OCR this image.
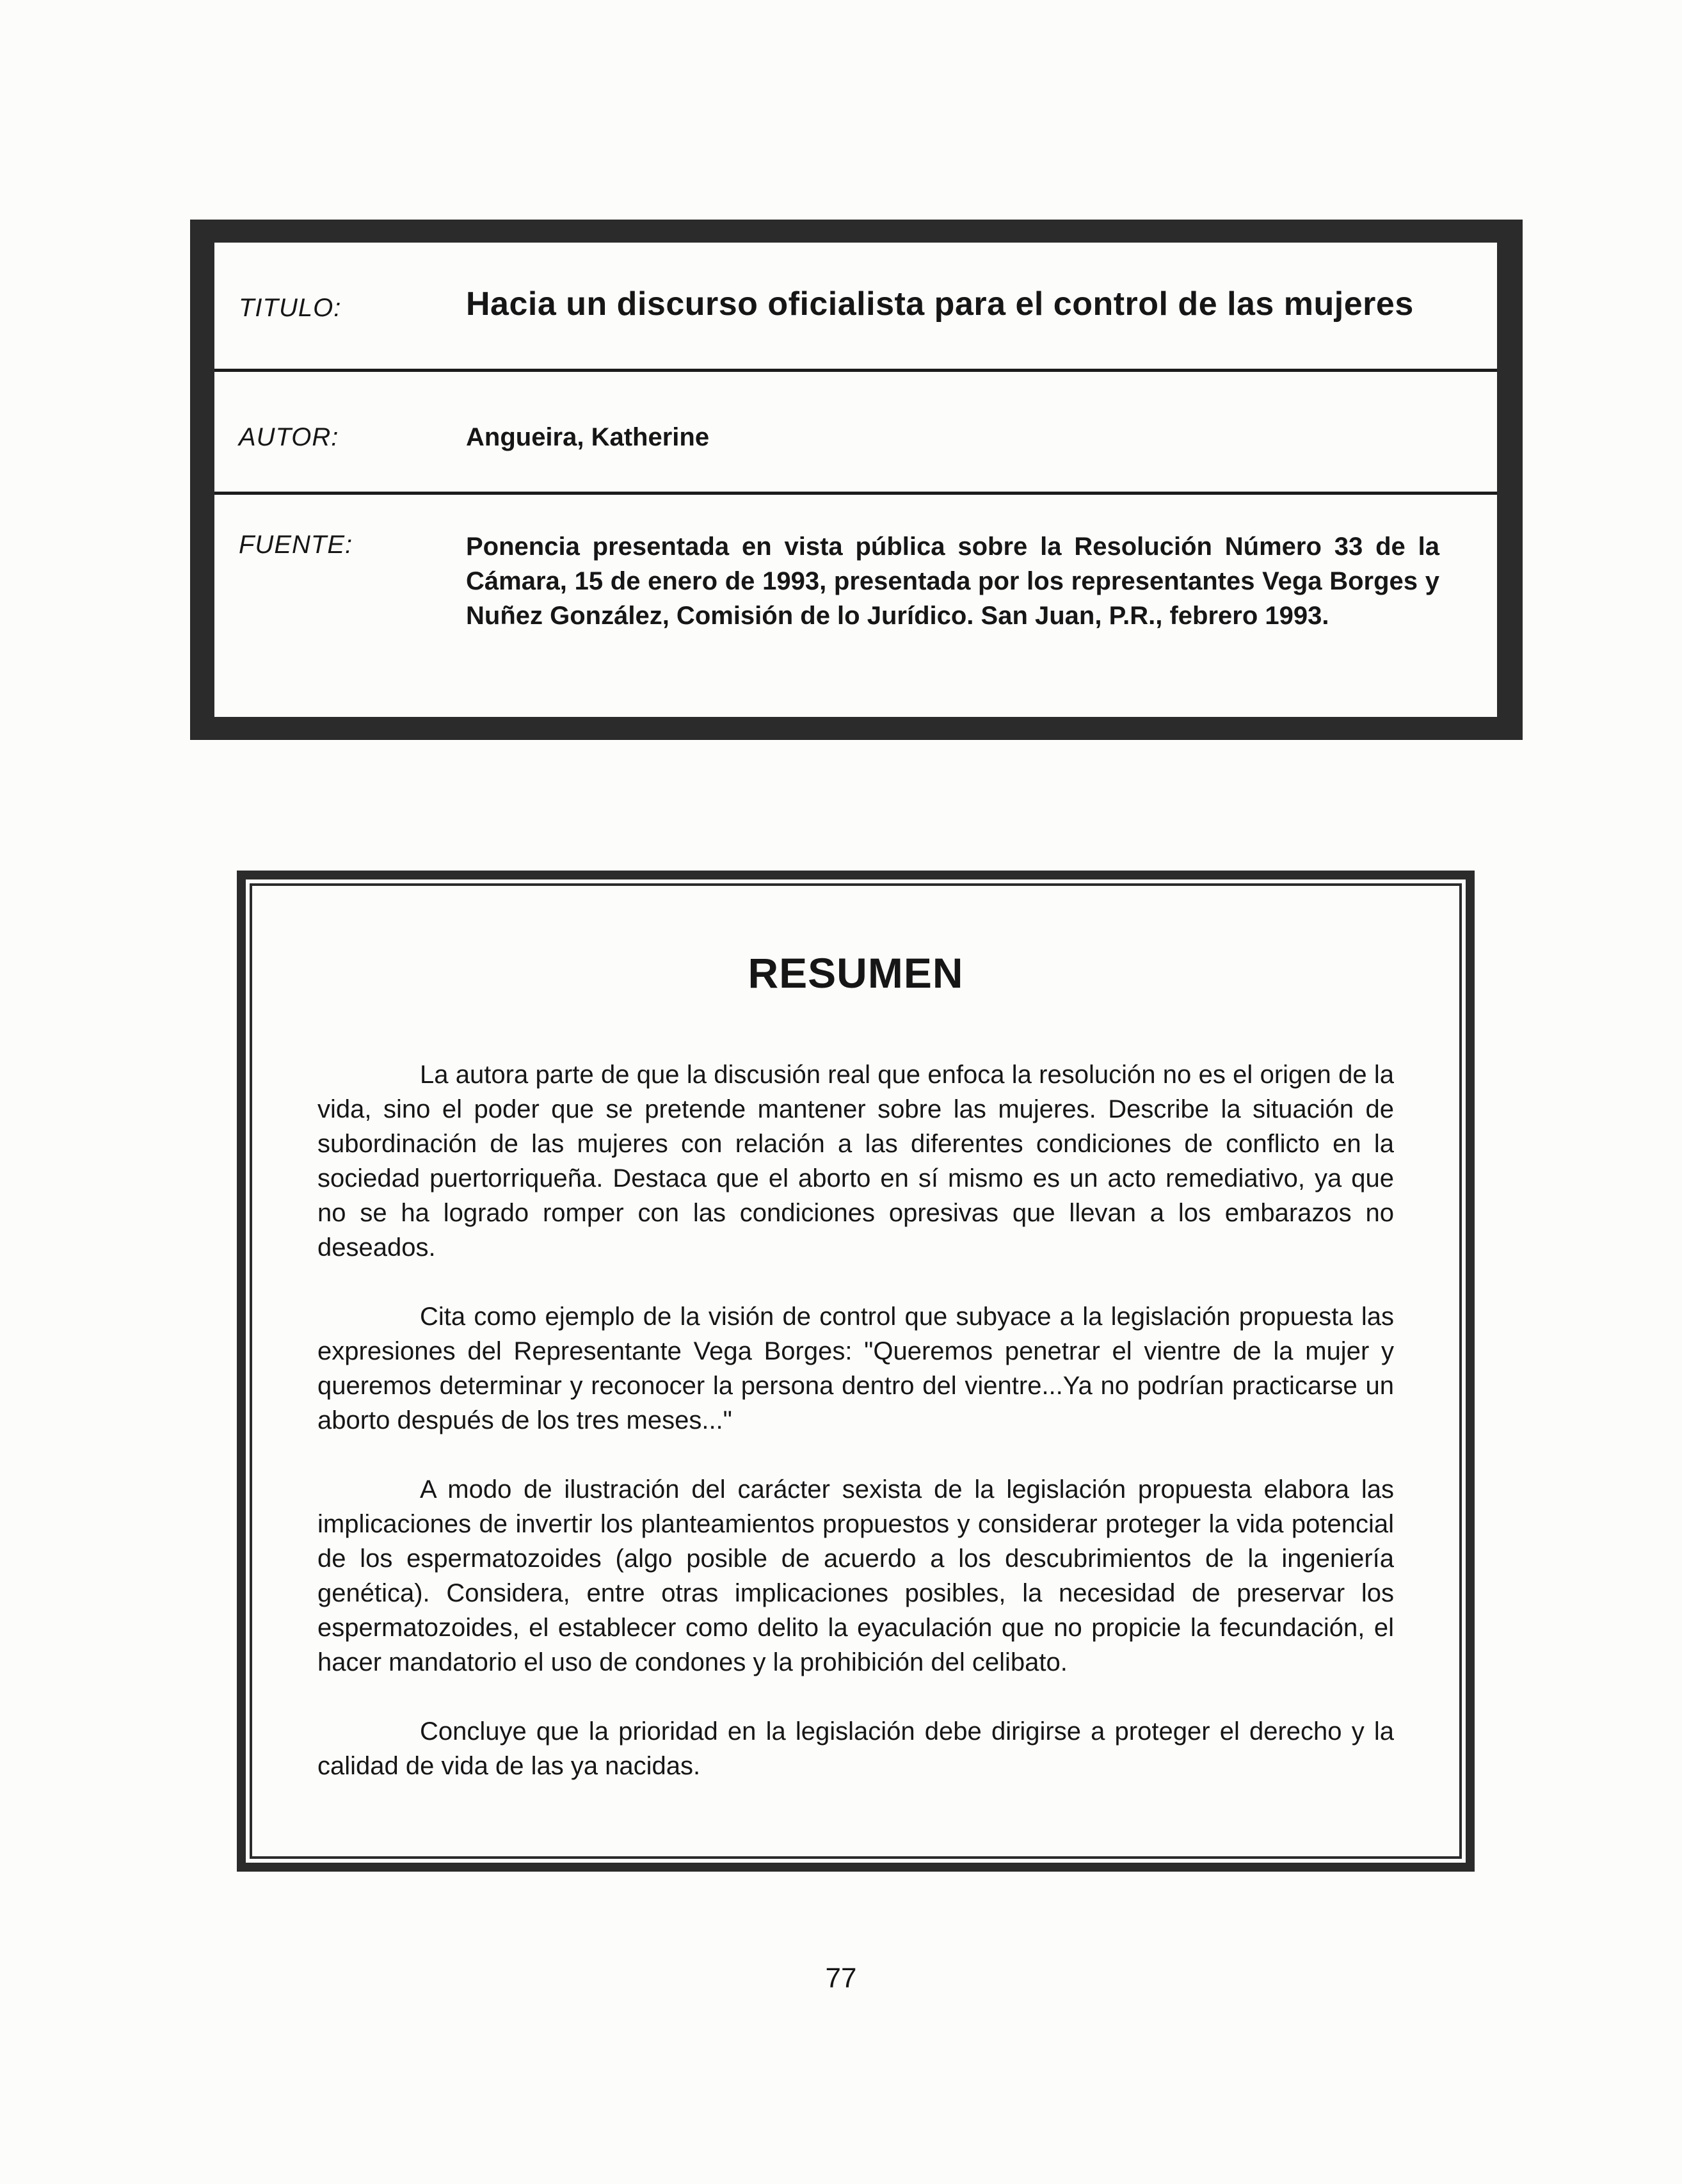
TITULO:	Hacia un discurso oficialista para el control de las mujeres
AUTOR:	Angueira, Katherine
FUENTE:	Ponencia presentada en vista pública sobre la Resolución Número 33 de la Cámara, 15 de enero de 1993, presentada por los representantes Vega Borges y Nuñez González, Comisión de lo Jurídico. San Juan, P.R., febrero 1993.
RESUMEN

La autora parte de que la discusión real que enfoca la resolución no es el origen de la vida, sino el poder que se pretende mantener sobre las mujeres. Describe la situación de subordinación de las mujeres con relación a las diferentes condiciones de conflicto en la sociedad puertorriqueña. Destaca que el aborto en sí mismo es un acto remediativo, ya que no se ha logrado romper con las condiciones opresivas que llevan a los embarazos no deseados.

Cita como ejemplo de la visión de control que subyace a la legislación propuesta las expresiones del Representante Vega Borges: "Queremos penetrar el vientre de la mujer y queremos determinar y reconocer la persona dentro del vientre...Ya no podrían practicarse un aborto después de los tres meses..."

A modo de ilustración del carácter sexista de la legislación propuesta elabora las implicaciones de invertir los planteamientos propuestos y considerar proteger la vida potencial de los espermatozoides (algo posible de acuerdo a los descubrimientos de la ingeniería genética). Considera, entre otras implicaciones posibles, la necesidad de preservar los espermatozoides, el establecer como delito la eyaculación que no propicie la fecundación, el hacer mandatorio el uso de condones y la prohibición del celibato.

Concluye que la prioridad en la legislación debe dirigirse a proteger el derecho y la calidad de vida de las ya nacidas.

77
